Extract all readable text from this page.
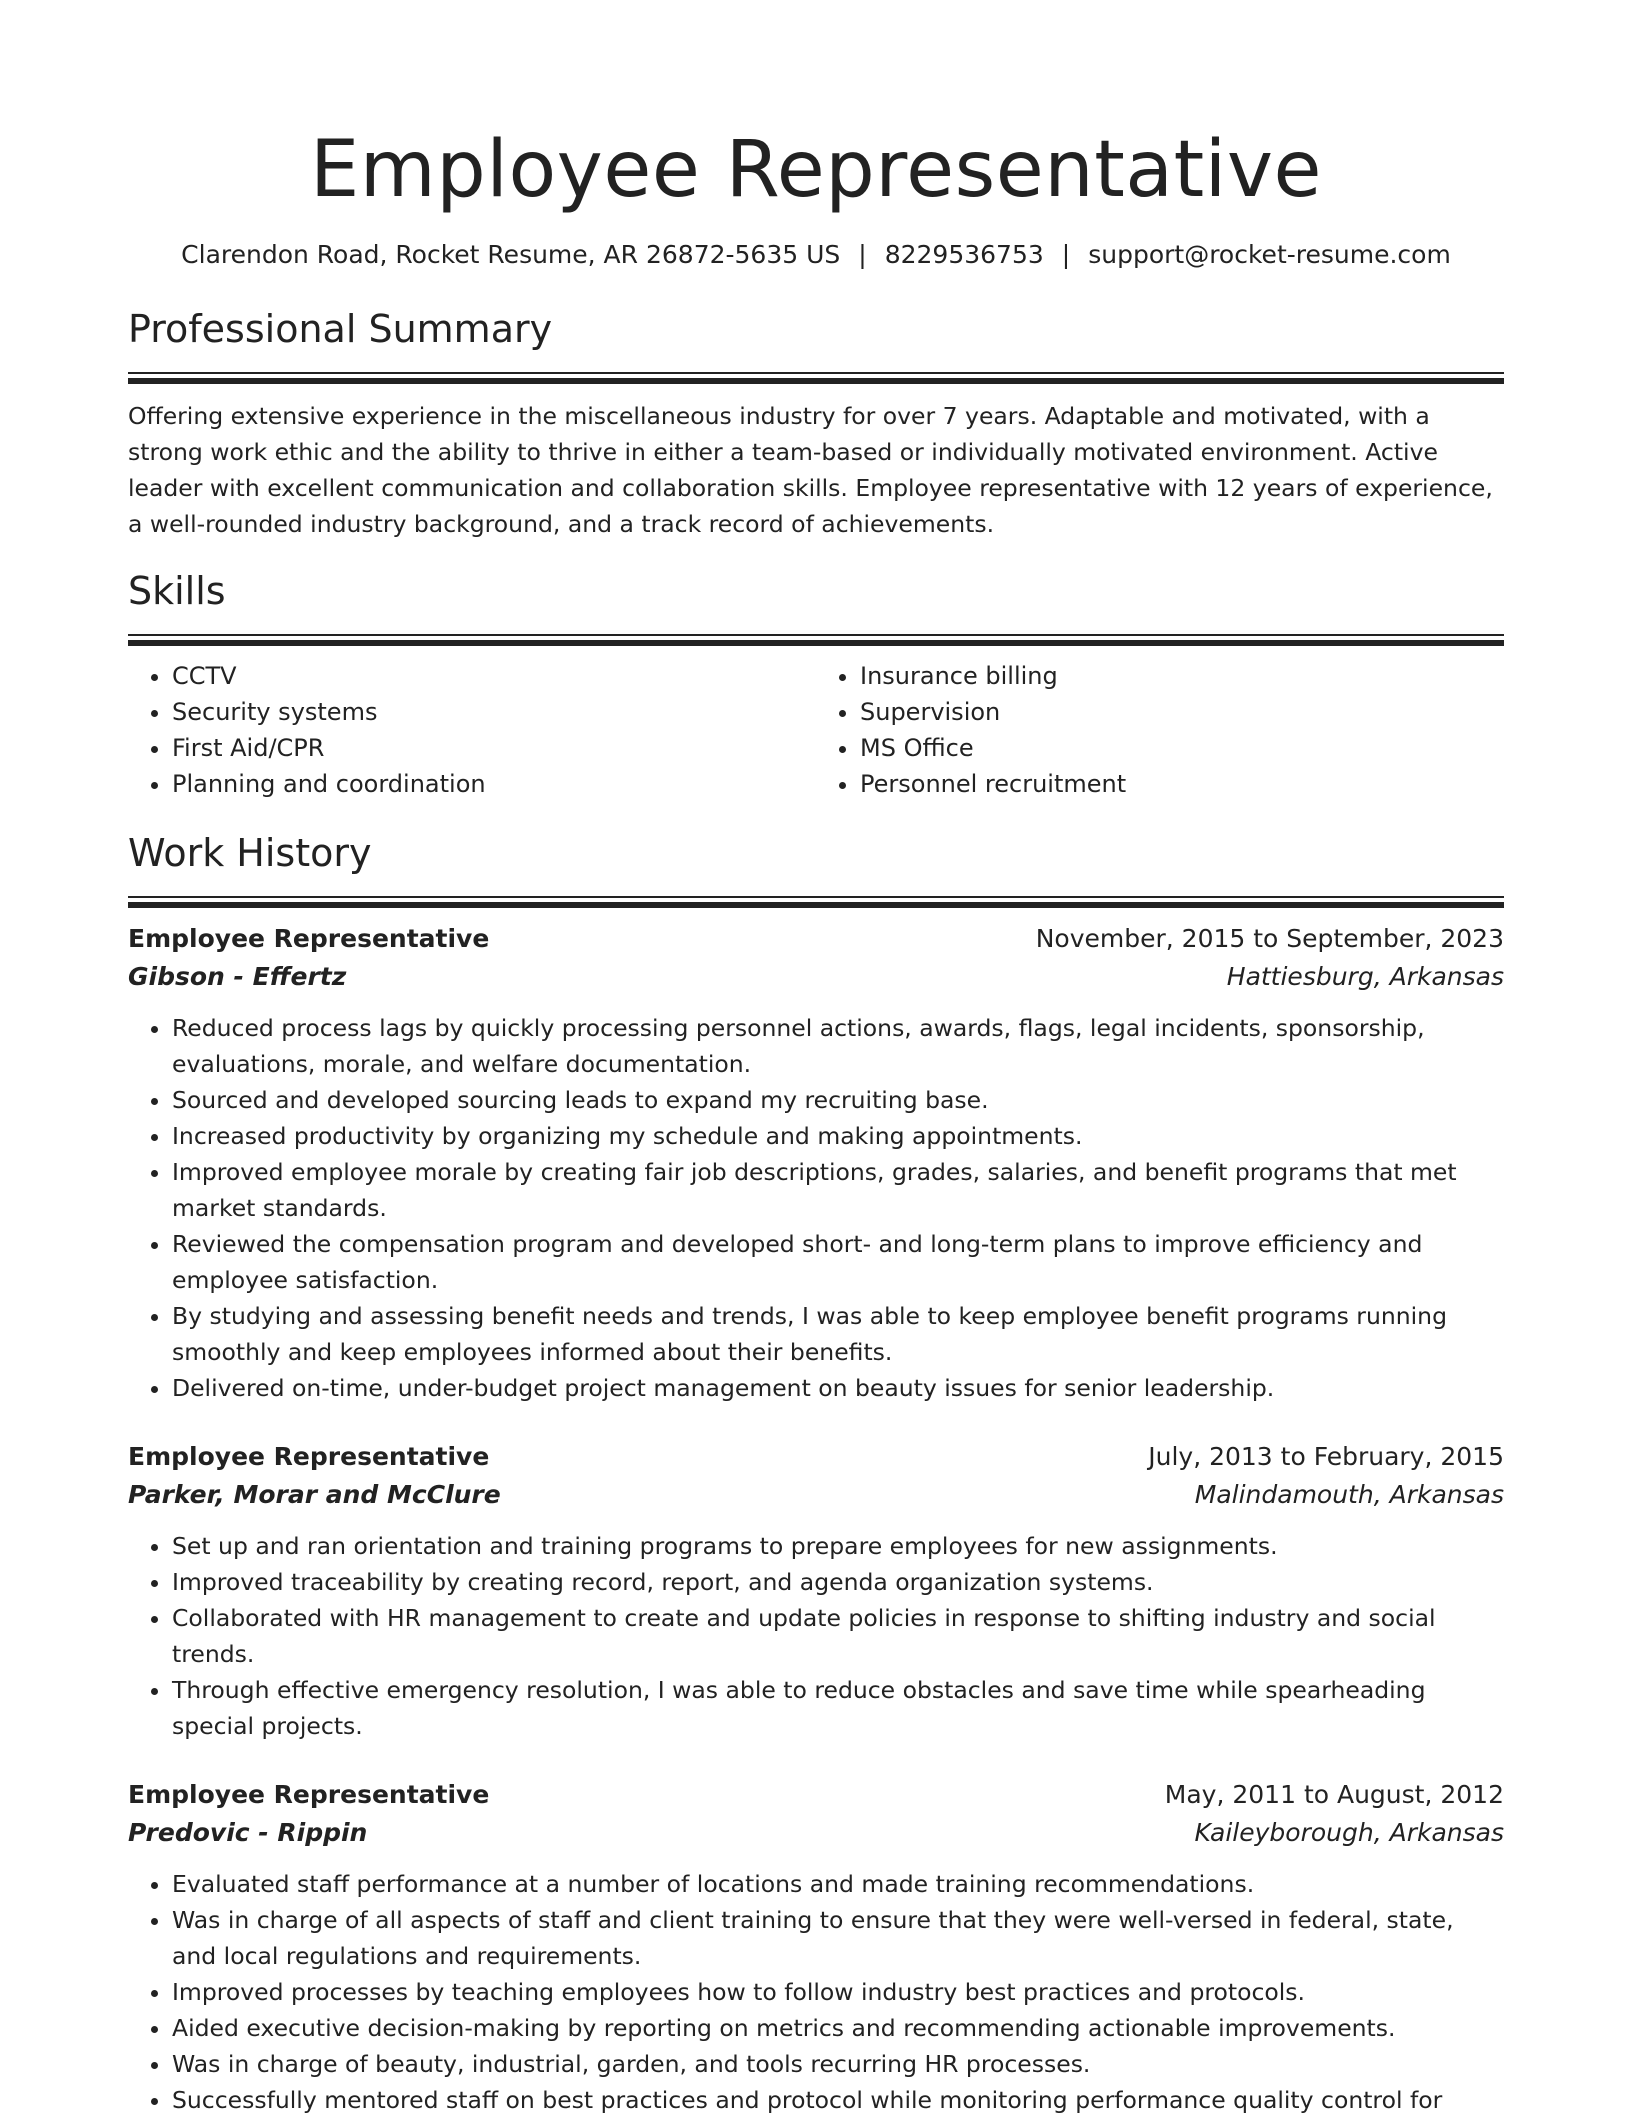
Employee Representative
Clarendon Road, Rocket Resume, AR 26872-5635 US | 8229536753 | support@rocket-resume.com
Professional Summary

Offering extensive experience in the miscellaneous industry for over 7 years. Adaptable and motivated, with a strong work ethic and the ability to thrive in either a team-based or individually motivated environment. Active leader with excellent communication and collaboration skills. Employee representative with 12 years of experience, a well-rounded industry background, and a track record of achievements.

Skills
• CCTV
• Security systems
• First Aid/CPR
• Planning and coordination
• Insurance billing
• Supervision
• MS Office
• Personnel recruitment
Work History
Employee Representative	November, 2015 to September, 2023
Gibson - Effertz	Hattiesburg, Arkansas
• Reduced process lags by quickly processing personnel actions, awards, flags, legal incidents, sponsorship, evaluations, morale, and welfare documentation.
• Sourced and developed sourcing leads to expand my recruiting base.
• Increased productivity by organizing my schedule and making appointments.
• Improved employee morale by creating fair job descriptions, grades, salaries, and benefit programs that met market standards.
• Reviewed the compensation program and developed short- and long-term plans to improve efficiency and employee satisfaction.
• By studying and assessing benefit needs and trends, I was able to keep employee benefit programs running smoothly and keep employees informed about their benefits.
• Delivered on-time, under-budget project management on beauty issues for senior leadership.
Employee Representative	July, 2013 to February, 2015
Parker, Morar and McClure	Malindamouth, Arkansas
• Set up and ran orientation and training programs to prepare employees for new assignments.
• Improved traceability by creating record, report, and agenda organization systems.
• Collaborated with HR management to create and update policies in response to shifting industry and social trends.
• Through effective emergency resolution, I was able to reduce obstacles and save time while spearheading special projects.
Employee Representative	May, 2011 to August, 2012
Predovic - Rippin	Kaileyborough, Arkansas
• Evaluated staff performance at a number of locations and made training recommendations.
• Was in charge of all aspects of staff and client training to ensure that they were well-versed in federal, state, and local regulations and requirements.
• Improved processes by teaching employees how to follow industry best practices and protocols.
• Aided executive decision-making by reporting on metrics and recommending actionable improvements.
• Was in charge of beauty, industrial, garden, and tools recurring HR processes.
• Successfully mentored staff on best practices and protocol while monitoring performance quality control for
